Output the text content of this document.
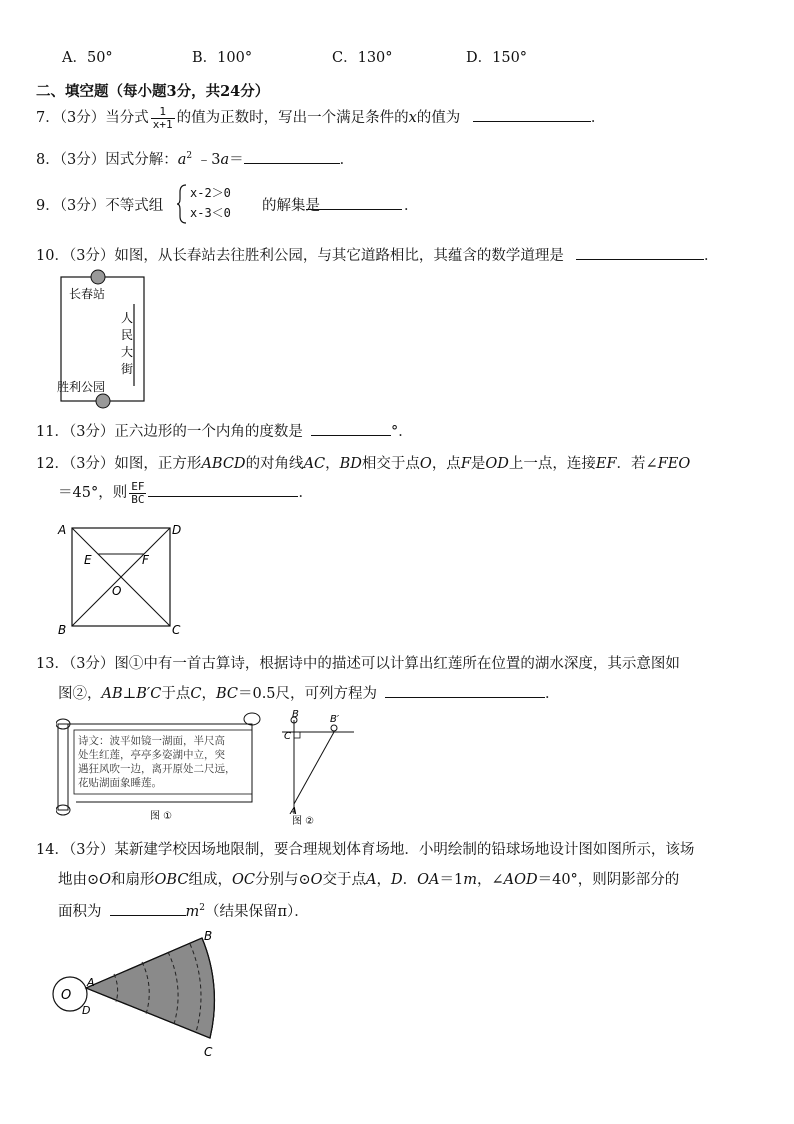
A．50°	B．100°	C．130°	D．150°
二、填空题（每小题3分，共24分）
7．（3分）当分式 $\frac{1}{x+1}$ 的值为正数时，写出一个满足条件的x的值为	．
8．（3分）因式分解：$a^2$ ﹣3a＝	．
9．（3分）不等式组
x-2＞0
x-3＜0 的解集是	．
10．（3分）如图，从长春站去往胜利公园，与其它道路相比，其蕴含的数学道理是	．
长春站
胜利公园
人
民
大
街
11．（3分）正六边形的一个内角的度数是	°．
12．（3分）如图，正方形ABCD的对角线AC，BD相交于点O，点F是OD上一点，连接EF．若∠FEO
＝45°，则 $\frac{EF}{BC}$	．
A	D
B	C
E	F
O
13．（3分）图①中有一首古算诗，根据诗中的描述可以计算出红莲所在位置的湖水深度，其示意图如
图②，AB⊥B′C于点C，BC＝0.5尺，可列方程为	．
诗文：波平如镜一湖面，半尺高
处生红莲，亭亭多姿湖中立，突
遇狂风吹一边，离开原处二尺远，
花贴湖面象睡莲。
图 ①
B	B′
C
A
图 ②
14．（3分）某新建学校因场地限制，要合理规划体育场地．小明绘制的铅球场地设计图如图所示，该场
地由⊙O和扇形OBC组成，OC分别与⊙O交于点A，D．OA＝1m，∠AOD＝40°，则阴影部分的
面积为	$m^2$（结果保留π）．
O
A
D
B
C
